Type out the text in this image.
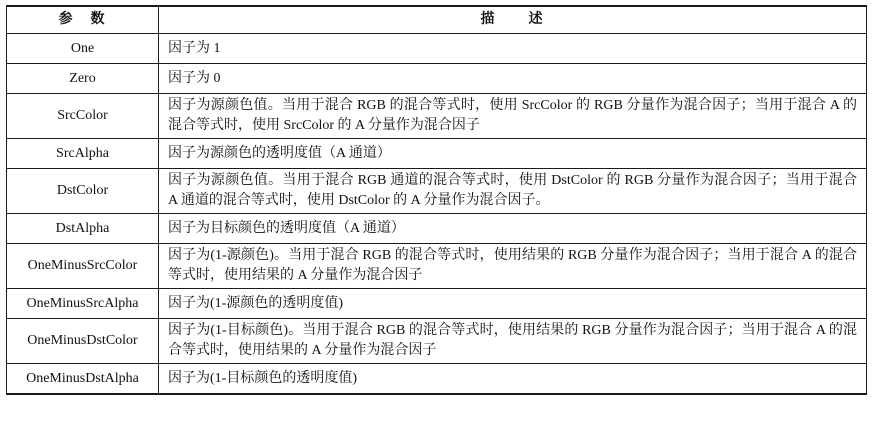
参　数	描　　述
One	因子为 1
Zero	因子为 0
SrcColor	因子为源颜色值。当用于混合 RGB 的混合等式时，使用 SrcColor 的 RGB 分量作为混合因子；当用于混合 A 的混合等式时，使用 SrcColor 的 A 分量作为混合因子
SrcAlpha	因子为源颜色的透明度值（A 通道）
DstColor	因子为源颜色值。当用于混合 RGB 通道的混合等式时，使用 DstColor 的 RGB 分量作为混合因子；当用于混合 A 通道的混合等式时，使用 DstColor 的 A 分量作为混合因子。
DstAlpha	因子为目标颜色的透明度值（A 通道）
OneMinusSrcColor	因子为(1-源颜色)。当用于混合 RGB 的混合等式时，使用结果的 RGB 分量作为混合因子；当用于混合 A 的混合等式时，使用结果的 A 分量作为混合因子
OneMinusSrcAlpha	因子为(1-源颜色的透明度值)
OneMinusDstColor	因子为(1-目标颜色)。当用于混合 RGB 的混合等式时，使用结果的 RGB 分量作为混合因子；当用于混合 A 的混合等式时，使用结果的 A 分量作为混合因子
OneMinusDstAlpha	因子为(1-目标颜色的透明度值)
